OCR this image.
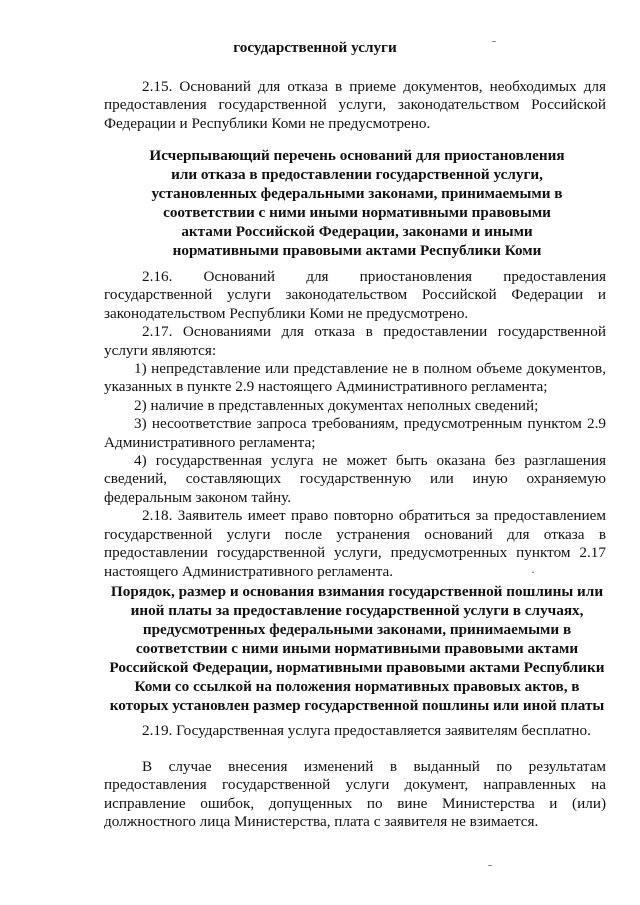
государственной услуги

2.15. Оснований для отказа в приеме документов, необходимых для предоставления государственной услуги, законодательством Российской Федерации и Республики Коми не предусмотрено.

Исчерпывающий перечень оснований для приостановления или отказа в предоставлении государственной услуги, установленных федеральными законами, принимаемыми в соответствии с ними иными нормативными правовыми актами Российской Федерации, законами и иными нормативными правовыми актами Республики Коми

2.16. Оснований для приостановления предоставления государственной услуги законодательством Российской Федерации и законодательством Республики Коми не предусмотрено.

2.17. Основаниями для отказа в предоставлении государственной услуги являются:

1) непредставление или представление не в полном объеме документов, указанных в пункте 2.9 настоящего Административного регламента;

2) наличие в представленных документах неполных сведений;

3) несоответствие запроса требованиям, предусмотренным пунктом 2.9 Административного регламента;

4) государственная услуга не может быть оказана без разглашения сведений, составляющих государственную или иную охраняемую федеральным законом тайну.

2.18. Заявитель имеет право повторно обратиться за предоставлением государственной услуги после устранения оснований для отказа в предоставлении государственной услуги, предусмотренных пунктом 2.17 настоящего Административного регламента.

Порядок, размер и основания взимания государственной пошлины или иной платы за предоставление государственной услуги в случаях, предусмотренных федеральными законами, принимаемыми в соответствии с ними иными нормативными правовыми актами Российской Федерации, нормативными правовыми актами Республики Коми со ссылкой на положения нормативных правовых актов, в которых установлен размер государственной пошлины или иной платы

2.19. Государственная услуга предоставляется заявителям бесплатно.

В случае внесения изменений в выданный по результатам предоставления государственной услуги документ, направленных на исправление ошибок, допущенных по вине Министерства и (или) должностного лица Министерства, плата с заявителя не взимается.

ˉ
·
ˉ
